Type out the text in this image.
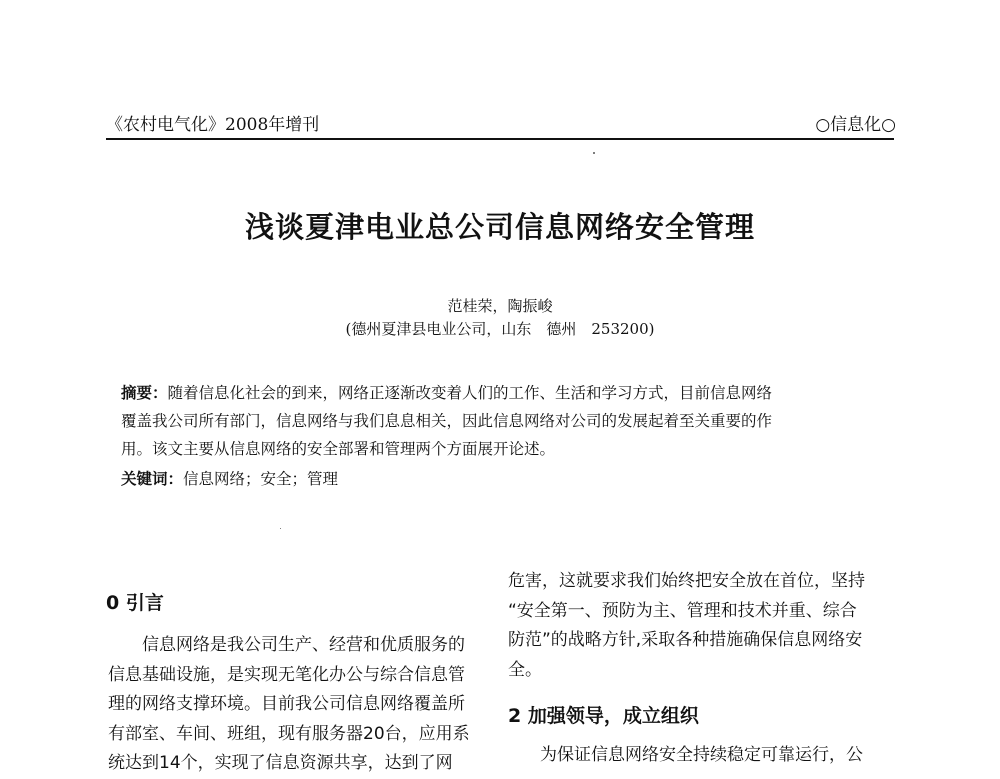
《农村电气化》2008年增刊	○信息化○
浅谈夏津电业总公司信息网络安全管理
范桂荣，陶振峻
(德州夏津县电业公司，山东　德州　253200)
摘要：随着信息化社会的到来，网络正逐渐改变着人们的工作、生活和学习方式，目前信息网络
覆盖我公司所有部门，信息网络与我们息息相关，因此信息网络对公司的发展起着至关重要的作
用。该文主要从信息网络的安全部署和管理两个方面展开论述。
关键词：信息网络；安全；管理
0 引言
　　信息网络是我公司生产、经营和优质服务的
信息基础设施，是实现无笔化办公与综合信息管
理的网络支撑环境。目前我公司信息网络覆盖所
有部室、车间、班组，现有服务器20台，应用系
统达到14个，实现了信息资源共享，达到了网
危害，这就要求我们始终把安全放在首位，坚持
“安全第一、预防为主、管理和技术并重、综合
防范”的战略方针,采取各种措施确保信息网络安
全。
2 加强领导，成立组织
为保证信息网络安全持续稳定可靠运行，公
